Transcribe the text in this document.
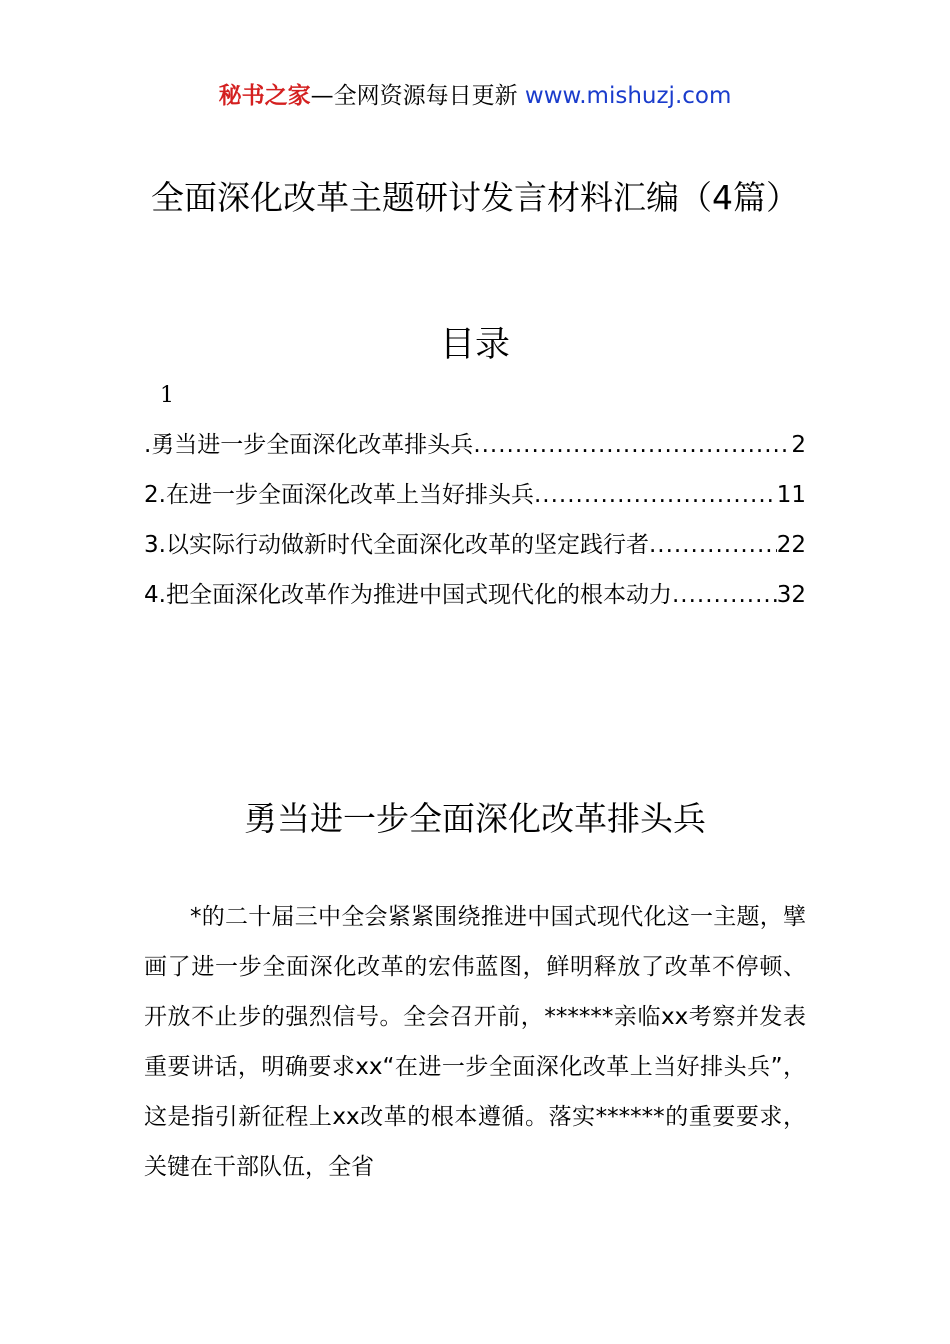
秘书之家—全网资源每日更新 www.mishuzj.com
全面深化改革主题研讨发言材料汇编（4篇）
目录
1
.勇当进一步全面深化改革排头兵 .....	2
2.在进一步全面深化改革上当好排头兵 .....	11
3.以实际行动做新时代全面深化改革的坚定践行者 .....	22
4.把全面深化改革作为推进中国式现代化的根本动力 .....	32
勇当进一步全面深化改革排头兵

*的二十届三中全会紧紧围绕推进中国式现代化这一主题，擘画了进一步全面深化改革的宏伟蓝图，鲜明释放了改革不停顿、开放不止步的强烈信号。全会召开前，******亲临xx考察并发表重要讲话，明确要求xx“在进一步全面深化改革上当好排头兵”，这是指引新征程上xx改革的根本遵循。落实******的重要要求，关键在干部队伍，全省
